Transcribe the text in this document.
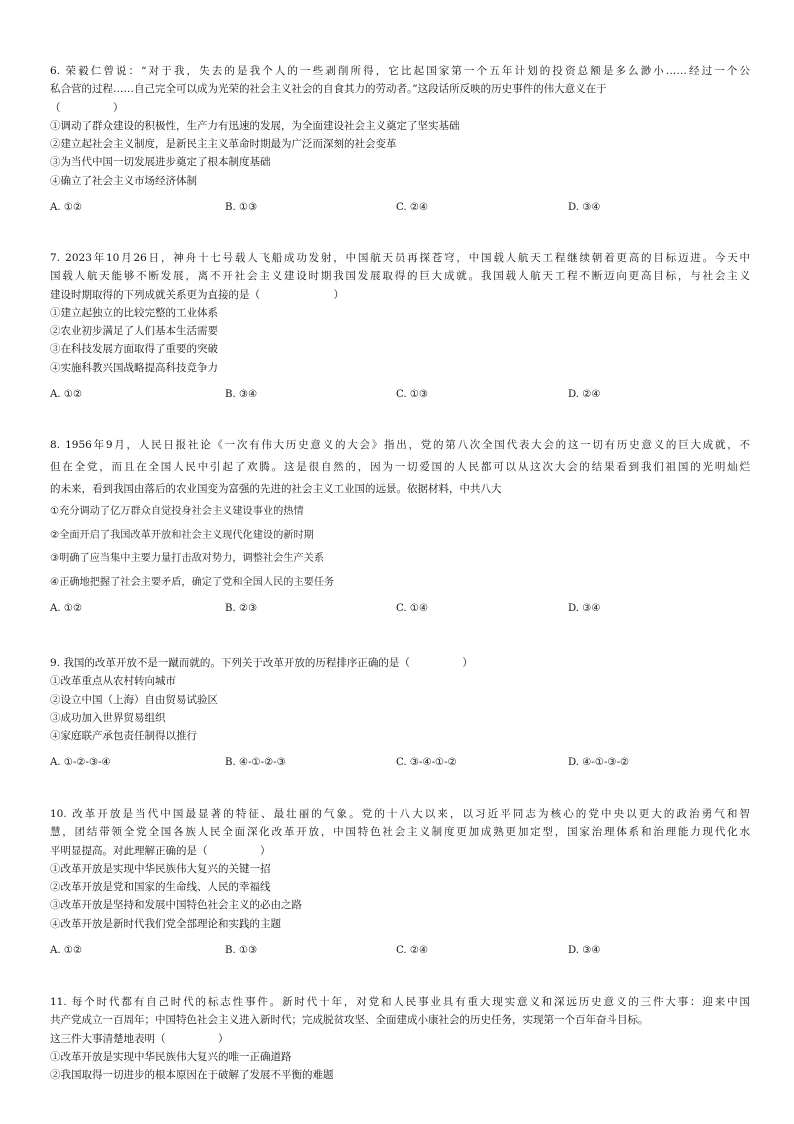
6. 荣毅仁曾说：“对于我，失去的是我个人的一些剥削所得，它比起国家第一个五年计划的投资总额是多么渺小……经过一个公
私合营的过程……自己完全可以成为光荣的社会主义社会的自食其力的劳动者。”这段话所反映的历史事件的伟大意义在于
（　　　　　）
①调动了群众建设的积极性，生产力有迅速的发展，为全面建设社会主义奠定了坚实基础
②建立起社会主义制度，是新民主主义革命时期最为广泛而深刻的社会变革
③为当代中国一切发展进步奠定了根本制度基础
④确立了社会主义市场经济体制
A. ①②	B. ①③	C. ②④	D. ③④
7. 2023年10月26日，神舟十七号载人飞船成功发射，中国航天员再探苍穹，中国载人航天工程继续朝着更高的目标迈进。今天中
国载人航天能够不断发展，离不开社会主义建设时期我国发展取得的巨大成就。我国载人航天工程不断迈向更高目标，与社会主义
建设时期取得的下列成就关系更为直接的是（　　　　　　　）
①建立起独立的比较完整的工业体系
②农业初步满足了人们基本生活需要
③在科技发展方面取得了重要的突破
④实施科教兴国战略提高科技竞争力
A. ①②	B. ③④	C. ①③	D. ②④
8. 1956年9月，人民日报社论《一次有伟大历史意义的大会》指出，党的第八次全国代表大会的这一切有历史意义的巨大成就，不
但在全党，而且在全国人民中引起了欢腾。这是很自然的，因为一切爱国的人民都可以从这次大会的结果看到我们祖国的光明灿烂
的未来，看到我国由落后的农业国变为富强的先进的社会主义工业国的远景。依据材料，中共八大
①充分调动了亿万群众自觉投身社会主义建设事业的热情
②全面开启了我国改革开放和社会主义现代化建设的新时期
③明确了应当集中主要力量打击敌对势力，调整社会生产关系
④正确地把握了社会主要矛盾，确定了党和全国人民的主要任务
A. ①②	B. ②③	C. ①④	D. ③④
9. 我国的改革开放不是一蹴而就的。下列关于改革开放的历程排序正确的是（　　　　　）
①改革重点从农村转向城市
②设立中国（上海）自由贸易试验区
③成功加入世界贸易组织
④家庭联产承包责任制得以推行
A. ①-②-③-④	B. ④-①-②-③	C. ③-④-①-②	D. ④-①-③-②
10. 改革开放是当代中国最显著的特征、最壮丽的气象。党的十八大以来，以习近平同志为核心的党中央以更大的政治勇气和智
慧，团结带领全党全国各族人民全面深化改革开放，中国特色社会主义制度更加成熟更加定型，国家治理体系和治理能力现代化水
平明显提高。对此理解正确的是（　　　　　）
①改革开放是实现中华民族伟大复兴的关键一招
②改革开放是党和国家的生命线、人民的幸福线
③改革开放是坚持和发展中国特色社会主义的必由之路
④改革开放是新时代我们党全部理论和实践的主题
A. ①②	B. ①③	C. ②④	D. ③④
11. 每个时代都有自己时代的标志性事件。新时代十年，对党和人民事业具有重大现实意义和深远历史意义的三件大事：迎来中国
共产党成立一百周年；中国特色社会主义进入新时代；完成脱贫攻坚、全面建成小康社会的历史任务，实现第一个百年奋斗目标。
这三件大事清楚地表明（　　　　　）
①改革开放是实现中华民族伟大复兴的唯一正确道路
②我国取得一切进步的根本原因在于破解了发展不平衡的难题
